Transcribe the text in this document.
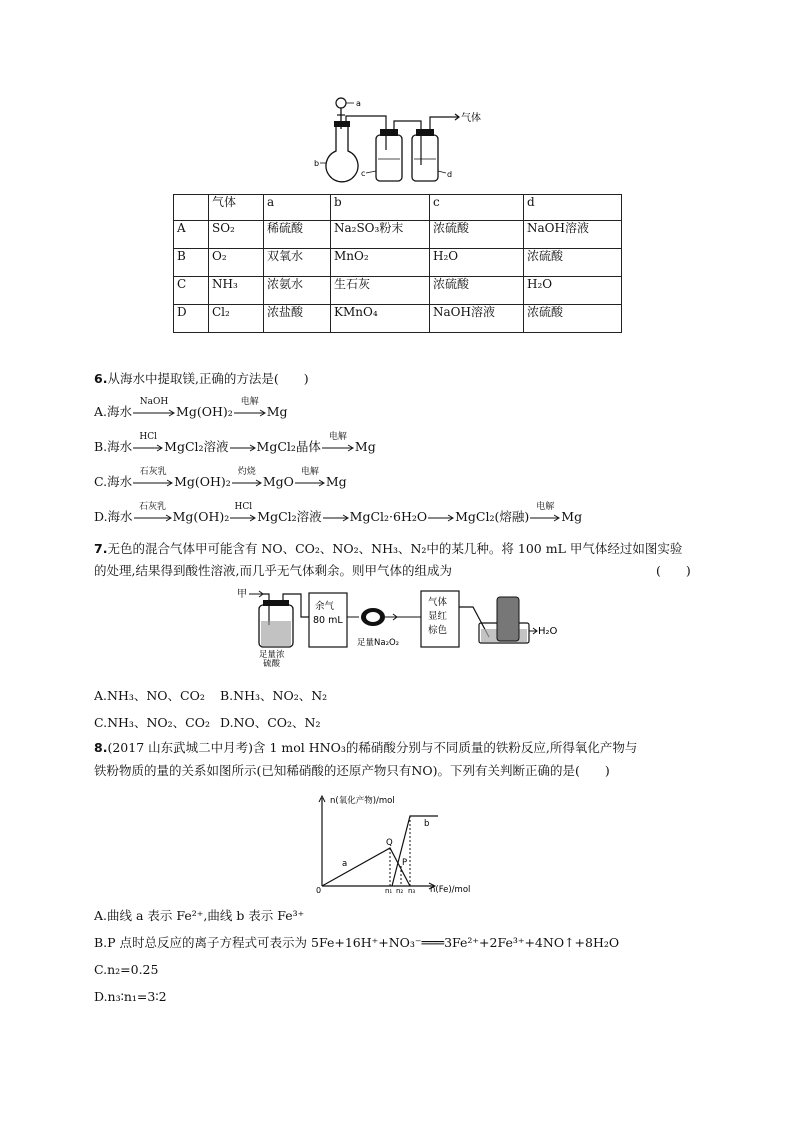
a
b
c	d
气体
	气体	a	b	c	d
A	SO₂	稀硫酸	Na₂SO₃粉末	浓硫酸	NaOH溶液
B	O₂	双氧水	MnO₂	H₂O	浓硫酸
C	NH₃	浓氨水	生石灰	浓硫酸	H₂O
D	Cl₂	浓盐酸	KMnO₄	NaOH溶液	浓硫酸
6.从海水中提取镁,正确的方法是(　　)
A.海水
NaOH
Mg(OH)₂
电解
Mg
B.海水
HCl
MgCl₂溶液→MgCl₂晶体
电解
Mg
C.海水
石灰乳
Mg(OH)₂
灼烧
MgO
电解
Mg
D.海水
石灰乳
Mg(OH)₂
HCl
MgCl₂溶液→MgCl₂·6H₂O→MgCl₂(熔融)
电解
Mg
7.无色的混合气体甲可能含有 NO、CO₂、NO₂、NH₃、N₂中的某几种。将 100 mL 甲气体经过如图实验
的处理,结果得到酸性溶液,而几乎无气体剩余。则甲气体的组成为	(　　)
甲
足量浓
硫酸
余气
80 mL
足量Na₂O₂
气体
显红
棕色	H₂O
A.NH₃、NO、CO₂ B.NH₃、NO₂、N₂
C.NH₃、NO₂、CO₂ D.NO、CO₂、N₂
8.(2017 山东武城二中月考)含 1 mol HNO₃的稀硝酸分别与不同质量的铁粉反应,所得氧化产物与
铁粉物质的量的关系如图所示(已知稀硝酸的还原产物只有NO)。下列有关判断正确的是(　　)
n(氧化产物)/mol
n(Fe)/mol
0
a
b
Q
P
n₁ n₂ n₃
A.曲线 a 表示 Fe²⁺,曲线 b 表示 Fe³⁺
B.P 点时总反应的离子方程式可表示为 5Fe+16H⁺+NO₃⁻═══3Fe²⁺+2Fe³⁺+4NO↑+8H₂O
C.n₂=0.25
D.n₃∶n₁=3∶2
